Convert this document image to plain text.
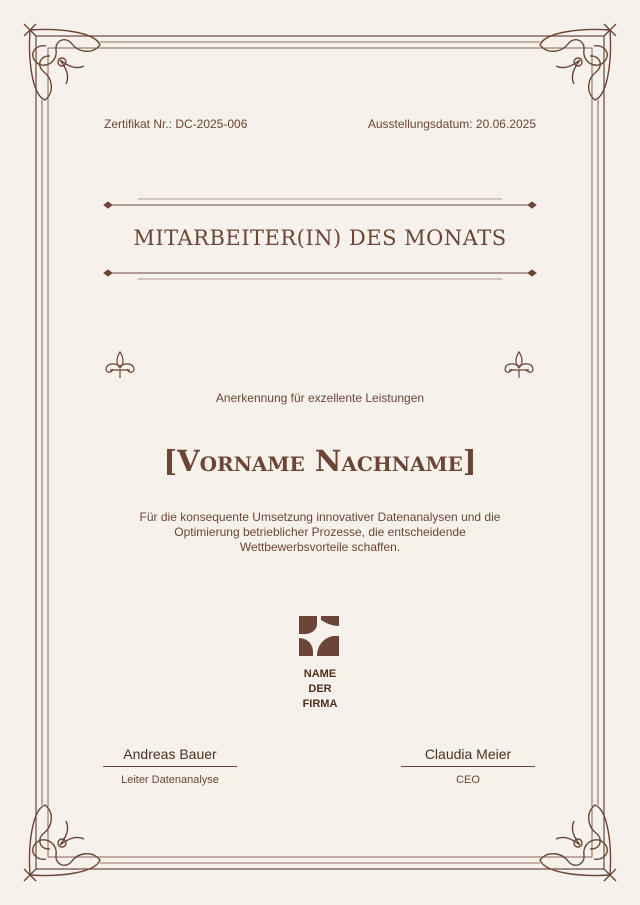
Zertifikat Nr.: DC-2025-006	Ausstellungsdatum: 20.06.2025
MITARBEITER(IN) DES MONATS
Anerkennung für exzellente Leistungen
[Vorname Nachname]
Für die konsequente Umsetzung innovativer Datenanalysen und die Optimierung betrieblicher Prozesse, die entscheidende Wettbewerbsvorteile schaffen.
NAME
DER
FIRMA
Andreas Bauer
Leiter Datenanalyse
Claudia Meier
CEO
